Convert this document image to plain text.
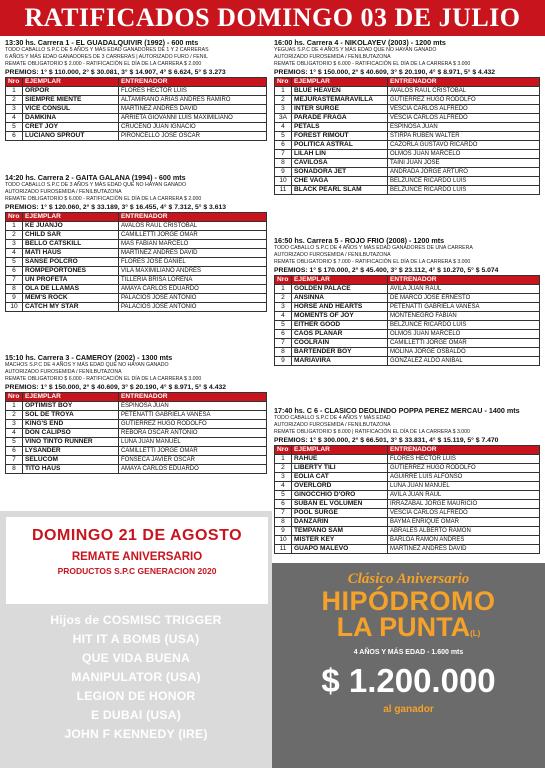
RATIFICADOS DOMINGO 03 DE JULIO
13:30 hs. Carrera 1 - EL GUADALQUIVIR (1992) - 600 mts
TODO CABALLO S.P.C DE 5 AÑOS Y MÁS EDAD GANADORES DE 1 Y 2 CARRERAS
6 AÑOS Y MÁS EDAD GANADORES DE 3 CARRERAS | AUTORIZADO FURO / FENIL
REMATE OBLIGATORIO $ 2.000 - RATIFICACIÓN EL DÍA DE LA CARRERA $ 2.000
PREMIOS: 1° $ 110.000, 2° $ 30.081, 3° $ 14.907, 4° $ 6.624, 5° $ 3.273
Nro	EJEMPLAR	ENTRENADOR
1	ORPOR	FLORES HECTOR LUIS
2	SIEMPRE MIENTE	ALTAMIRANO ARIAS ANDRES RAMIRO
3	VICE CONSUL	MARTINEZ ANDRES DAVID
4	DAMKINA	ARRIETA GIOVANNI LUIS MAXIMILIANO
5	CRET JOY	CRUCEÑO JUAN IGNACIO
6	LUCIANO SPROUT	PIRONCELLO JOSE OSCAR
14:20 hs. Carrera 2 - GAITA GALANA (1994) - 600 mts
TODO CABALLO S.P.C DE 3 AÑOS Y MÁS EDAD QUE NO HAYAN GANADO
AUTORIZADO FUROSEMIDA / FENILBUTAZONA
REMATE OBLIGATORIO $ 6.000 - RATIFICACIÓN EL DÍA DE LA CARRERA $ 2.000
PREMIOS: 1° $ 120.060, 2° $ 33.189, 3° $ 16.455, 4° $ 7.312, 5° $ 3.613
Nro	EJEMPLAR	ENTRENADOR
1	KE JUANJO	AVALOS RAUL CRISTOBAL
2	CHILD SAR	CAMILLETTI JORGE OMAR
3	BELLO CATSKILL	MAS FABIAN MARCELO
4	MATI HAUS	MARTINEZ ANDRES DAVID
5	SANSE POLCRO	FLORES JOSE DANIEL
6	ROMPEPORTONES	VILA MAXIMILIANO ANDRES
7	UN PROFETA	TILLERIA BRISA LORENA
8	OLA DE LLAMAS	AMAYA CARLOS EDUARDO
9	MEM'S ROCK	PALACIOS JOSE ANTONIO
10	CATCH MY STAR	PALACIOS JOSE ANTONIO
15:10 hs. Carrera 3 - CAMEROY (2002) - 1300 mts
MACHOS S.P.C DE 4 AÑOS Y MÁS EDAD QUE NO HAYAN GANADO
AUTORIZADO FUROSEMIDA / FENILBUTAZONA
REMATE OBLIGATORIO $ 6.000 - RATIFICACIÓN EL DÍA DE LA CARRERA $ 3.000
PREMIOS: 1° $ 150.000, 2° $ 40.609, 3° $ 20.190, 4° $ 8.971, 5° $ 4.432
Nro	EJEMPLAR	ENTRENADOR
1	OPTIMIST BOY	ESPINOSA JUAN
2	SOL DE TROYA	PETENATTI GABRIELA VANESA
3	KING'S END	GUTIERREZ HUGO RODOLFO
4	DON CALIPSO	REBORA OSCAR ANTONIO
5	VINO TINTO RUNNER	LUNA JUAN MANUEL
6	LYSANDER	CAMILLETTI JORGE OMAR
7	SELUCOM	FONSECA JAVIER OSCAR
8	TITO HAUS	AMAYA CARLOS EDUARDO
16:00 hs. Carrera 4 - NIKOLAYEV (2003) - 1200 mts
YEGUAS S.P.C DE 4 AÑOS Y MÁS EDAD QUE NO HAYAN GANADO
AUTORIZADO FUROSEMIDA / FENILBUTAZONA
REMATE OBLIGATORIO $ 6.000 - RATIFICACIÓN EL DÍA DE LA CARRERA $ 3.000
PREMIOS: 1° $ 150.000, 2° $ 40.609, 3° $ 20.190, 4° $ 8.971, 5° $ 4.432
Nro	EJEMPLAR	ENTRENADOR
1	BLUE HEAVEN	AVALOS RAUL CRISTOBAL
2	MEJURASTEMARAVILLA	GUTIERREZ HUGO RODOLFO
3	INTER SURGE	VESCIA CARLOS ALFREDO
3A	PARADE FRAGA	VESCIA CARLOS ALFREDO
4	PETALS	ESPINOSA JUAN
5	FOREST RIMOUT	STIRPA RUBEN WALTER
6	POLITICA ASTRAL	CAZORLA GUSTAVO RICARDO
7	LILAH LIN	OLMOS JUAN MARCELO
8	CAVILOSA	TAINI JUAN JOSE
9	SOÑADORA JET	ANDRADA JORGE ARTURO
10	CHE VAGA	BELZUNCE RICARDO LUIS
11	BLACK PEARL SLAM	BELZUNCE RICARDO LUIS
16:50 hs. Carrera 5 - ROJO FRIO (2008) - 1200 mts
TODO CABALLO S.P.C DE 4 AÑOS Y MÁS EDAD GANADORES DE UNA CARRERA
AUTORIZADO FUROSEMIDA / FENILBUTAZONA
REMATE OBLIGATORIO $ 7.000 - RATIFICACIÓN EL DÍA DE LA CARRERA $ 3.000
PREMIOS: 1° $ 170.000, 2° $ 45.400, 3° $ 23.112, 4° $ 10.270, 5° $ 5.074
Nro	EJEMPLAR	ENTRENADOR
1	GOLDEN PALACE	AVILA JUAN RAUL
2	ANSINNA	DE MARCO JOSE ERNESTO
3	HORSE AND HEARTS	PETENATTI GABRIELA VANESA
4	MOMENTS OF JOY	MONTENEGRO FABIAN
5	EITHER GOOD	BELZUNCE RICARDO LUIS
6	CAOS PLANAR	OLMOS JUAN MARCELO
7	COOLRAIN	CAMILLETTI JORGE OMAR
8	BARTENDER BOY	MOLINA JORGE OSBALDO
9	MARIAVIRA	GONZALEZ ALDO ANIBAL
17:40 hs. C 6 - CLASICO DEOLINDO POPPA PEREZ MERCAU - 1400 mts
TODO CABALLO S.P.C DE 4 AÑOS Y MÁS EDAD
AUTORIZADO FUROSEMIDA / FENILBUTAZONA
REMATE OBLIGATORIO $ 8.000 | RATIFICACIÓN EL DÍA DE LA CARRERA $ 3.000
PREMIOS: 1° $ 300.000, 2° $ 66.501, 3° $ 33.831, 4° $ 15.119, 5° $ 7.470
Nro	EJEMPLAR	ENTRENADOR
1	RAHUE	FLORES HECTOR LUIS
2	LIBERTY TILI	GUTIERREZ HUGO RODOLFO
3	EOLIA CAT	AGUIRRE LUIS ALFONSO
4	OVERLORD	LUNA JUAN MANUEL
5	GINOCCHIO D'ORO	AVILA JUAN RAUL
6	SUBAN EL VOLUMEN	IRRAZABAL JORGE MAURICIO
7	POOL SURGE	VESCIA CARLOS ALFREDO
8	DANZARIN	BAYMA ENRIQUE OMAR
9	TEMPANO SAM	ABRALES ALBERTO RAMON
10	MISTER KEY	BARLOA RAMON ANDRES
11	GUAPO MALEVO	MARTINEZ ANDRES DAVID
DOMINGO 21 DE AGOSTO
REMATE ANIVERSARIO
PRODUCTOS S.P.C GENERACION 2020
Hijos de COSMISC TRIGGER
HIT IT A BOMB (USA)
QUE VIDA BUENA
MANIPULATOR (USA)
LEGION DE HONOR
E DUBAI (USA)
JOHN F KENNEDY (IRE)
Clásico Aniversario
HIPÓDROMO
LA PUNTA(L)
4 AÑOS Y MÁS EDAD - 1.600 mts
$ 1.200.000
al ganador
